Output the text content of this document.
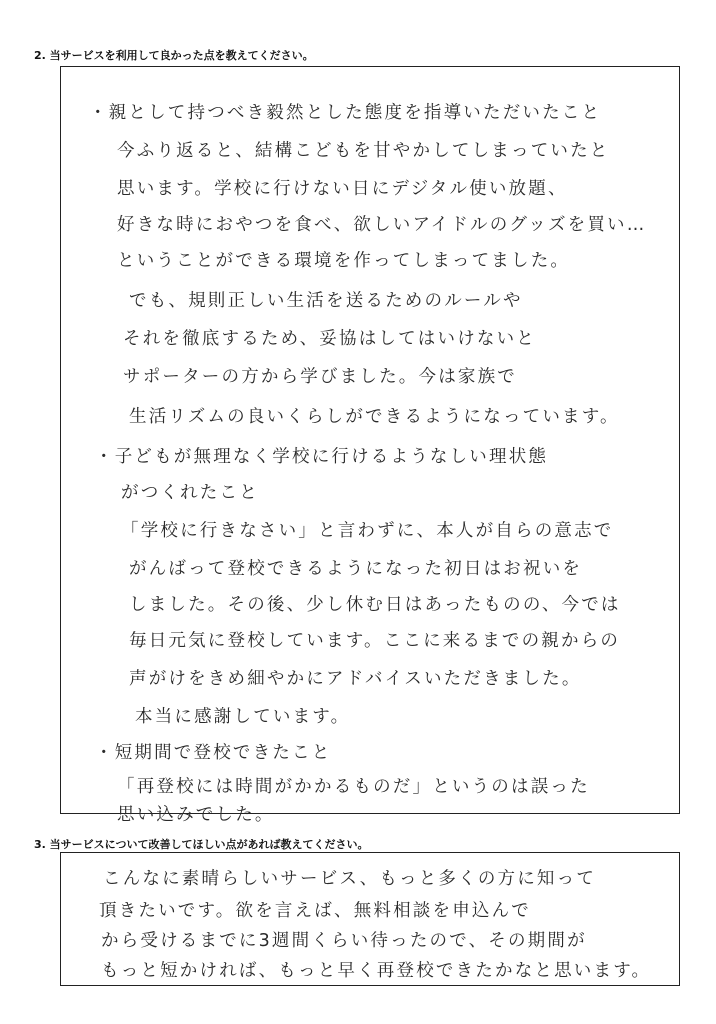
2. 当サービスを利用して良かった点を教えてください。
・親として持つべき毅然とした態度を指導いただいたこと
今ふり返ると、結構こどもを甘やかしてしまっていたと
思います。学校に行けない日にデジタル使い放題、
好きな時におやつを食べ、欲しいアイドルのグッズを買い…
ということができる環境を作ってしまってました。
でも、規則正しい生活を送るためのルールや
それを徹底するため、妥協はしてはいけないと
サポーターの方から学びました。今は家族で
生活リズムの良いくらしができるようになっています。
・子どもが無理なく学校に行けるようなしい理状態
がつくれたこと
「学校に行きなさい」と言わずに、本人が自らの意志で
がんばって登校できるようになった初日はお祝いを
しました。その後、少し休む日はあったものの、今では
毎日元気に登校しています。ここに来るまでの親からの
声がけをきめ細やかにアドバイスいただきました。
本当に感謝しています。
・短期間で登校できたこと
「再登校には時間がかかるものだ」というのは誤った
思い込みでした。
3. 当サービスについて改善してほしい点があれば教えてください。
こんなに素晴らしいサービス、もっと多くの方に知って
頂きたいです。欲を言えば、無料相談を申込んで
から受けるまでに3週間くらい待ったので、その期間が
もっと短かければ、もっと早く再登校できたかなと思います。
